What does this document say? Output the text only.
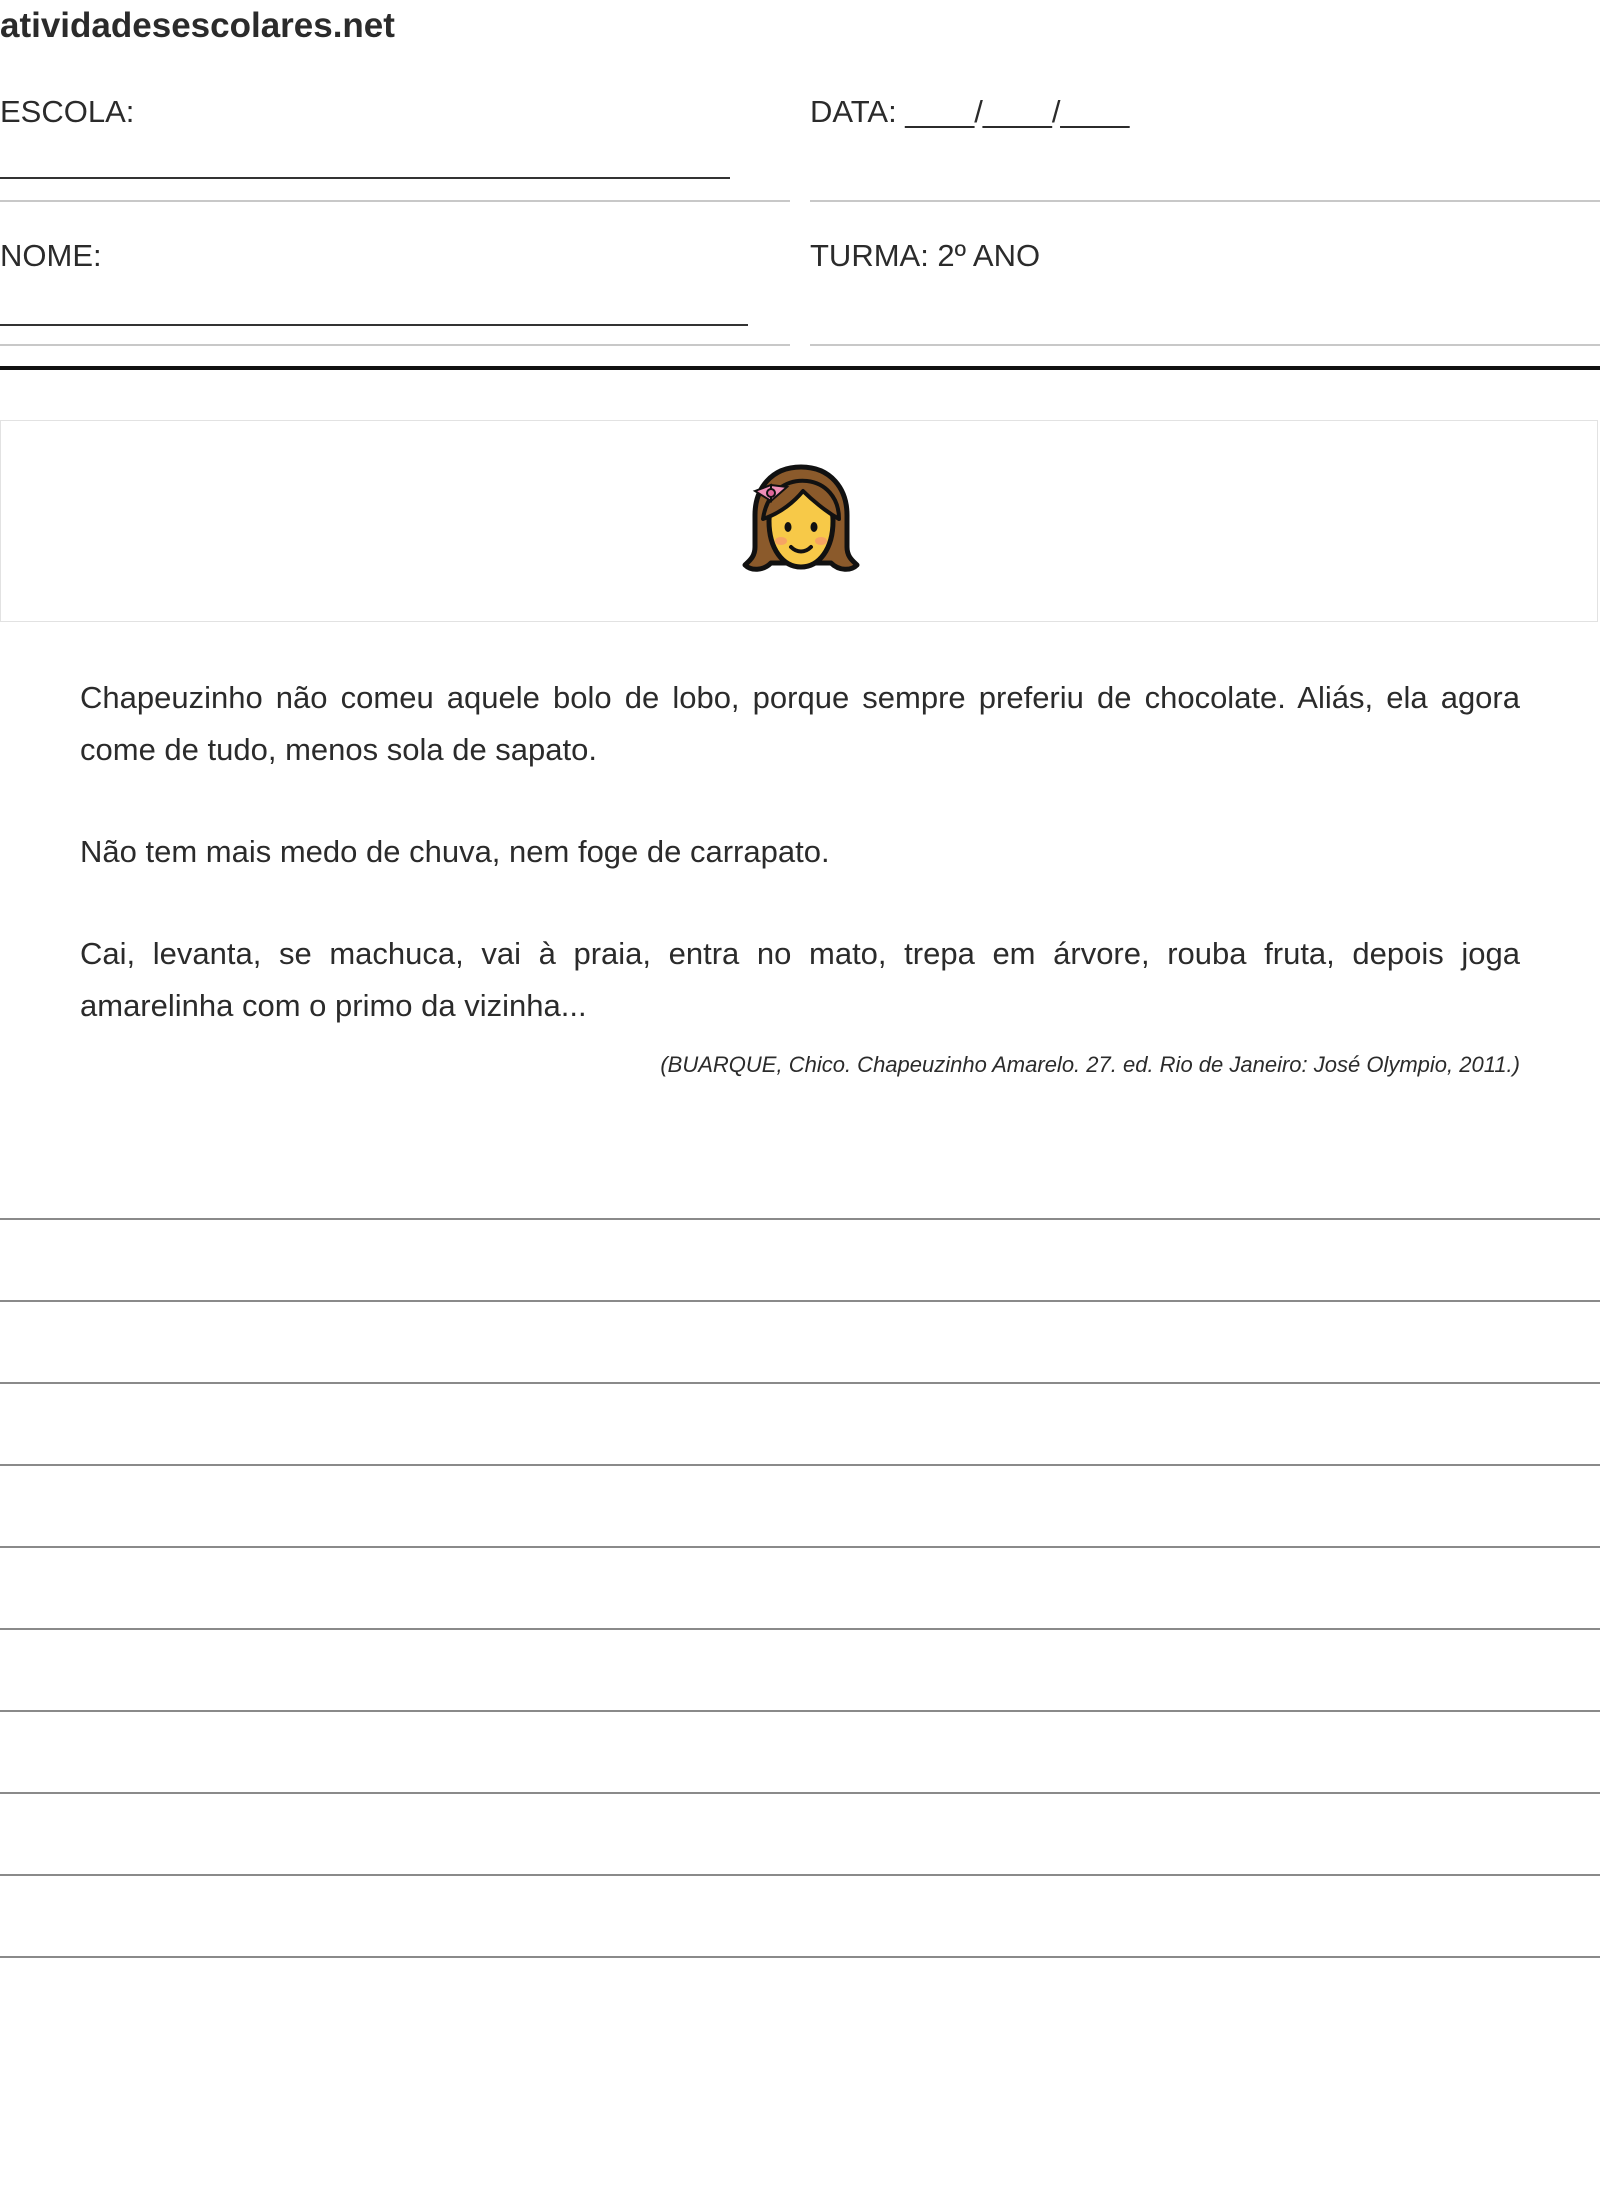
atividadesescolares.net
ESCOLA:	DATA: ____/____/____
NOME:	TURMA: 2º ANO

Chapeuzinho não comeu aquele bolo de lobo, porque sempre preferiu de chocolate. Aliás, ela agora come de tudo, menos sola de sapato.

Não tem mais medo de chuva, nem foge de carrapato.

Cai, levanta, se machuca, vai à praia, entra no mato, trepa em árvore, rouba fruta, depois joga amarelinha com o primo da vizinha...

(BUARQUE, Chico. Chapeuzinho Amarelo. 27. ed. Rio de Janeiro: José Olympio, 2011.)
